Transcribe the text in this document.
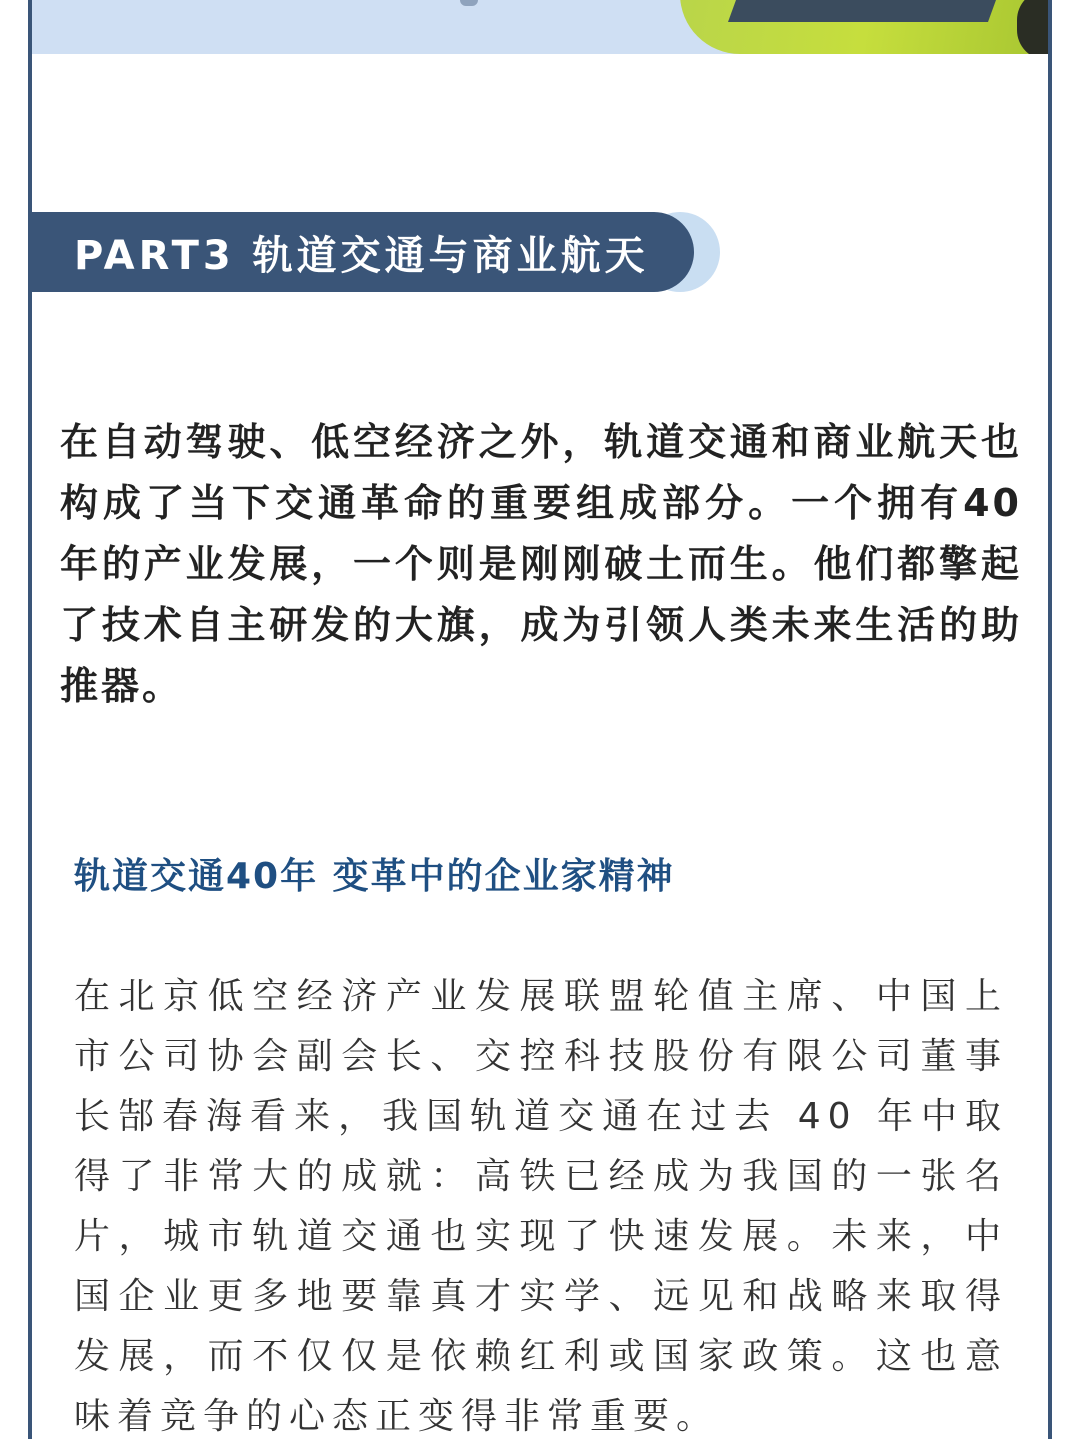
PART3 轨道交通与商业航天

在自动驾驶、低空经济之外，轨道交通和商业航天也构成了当下交通革命的重要组成部分。一个拥有40 年的产业发展，一个则是刚刚破土而生。他们都擎起了技术自主研发的大旗，成为引领人类未来生活的助推器。

轨道交通40年 变革中的企业家精神

在北京低空经济产业发展联盟轮值主席、中国上市公司协会副会长、交控科技股份有限公司董事长郜春海看来，我国轨道交通在过去 40 年中取得了非常大的成就：高铁已经成为我国的一张名片，城市轨道交通也实现了快速发展。未来，中国企业更多地要靠真才实学、远见和战略来取得发展，而不仅仅是依赖红利或国家政策。这也意味着竞争的心态正变得非常重要。
